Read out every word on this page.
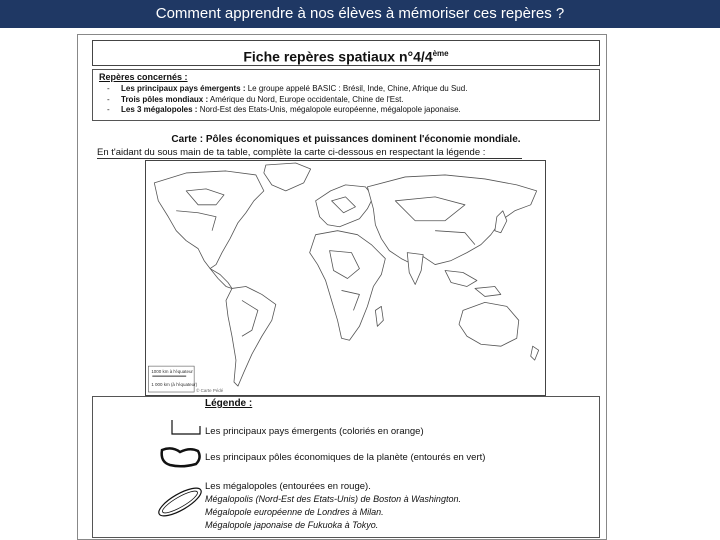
Comment apprendre à nos élèves à mémoriser ces repères ?
Fiche repères spatiaux n°4/4ème
Repères concernés :
- Les principaux pays émergents : Le groupe appelé BASIC : Brésil, Inde, Chine, Afrique du Sud.
- Trois pôles mondiaux : Amérique du Nord, Europe occidentale, Chine de l'Est.
- Les 3 mégalopoles : Nord-Est des Etats-Unis, mégalopole européenne, mégalopole japonaise.
Carte : Pôles économiques et puissances dominent l'économie mondiale.
En t'aidant du sous main de ta table, complète la carte ci-dessous en respectant la légende :
1000 km à l'équateur
1 000 km (à l'équateur)
© Carte Pédé
Légende :
Les principaux pays émergents (coloriés en orange)
Les principaux pôles économiques de la planète (entourés en vert)
Les mégalopoles (entourées en rouge).
Mégalopolis (Nord-Est des Etats-Unis) de Boston à Washington.
Mégalopole européenne de Londres à Milan.
Mégalopole japonaise de Fukuoka à Tokyo.
